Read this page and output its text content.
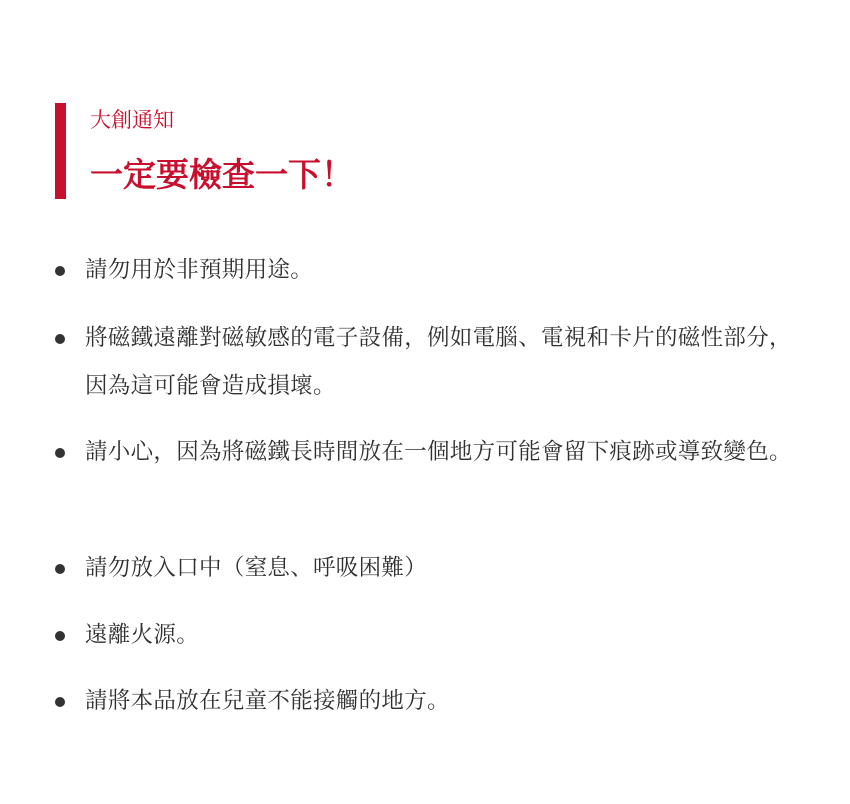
大創通知
一定要檢查一下！
請勿用於非預期用途。
將磁鐵遠離對磁敏感的電子設備，例如電腦、電視和卡片的磁性部分，因為這可能會造成損壞。
請小心，因為將磁鐵長時間放在一個地方可能會留下痕跡或導致變色。
請勿放入口中（窒息、呼吸困難）
遠離火源。
請將本品放在兒童不能接觸的地方。
